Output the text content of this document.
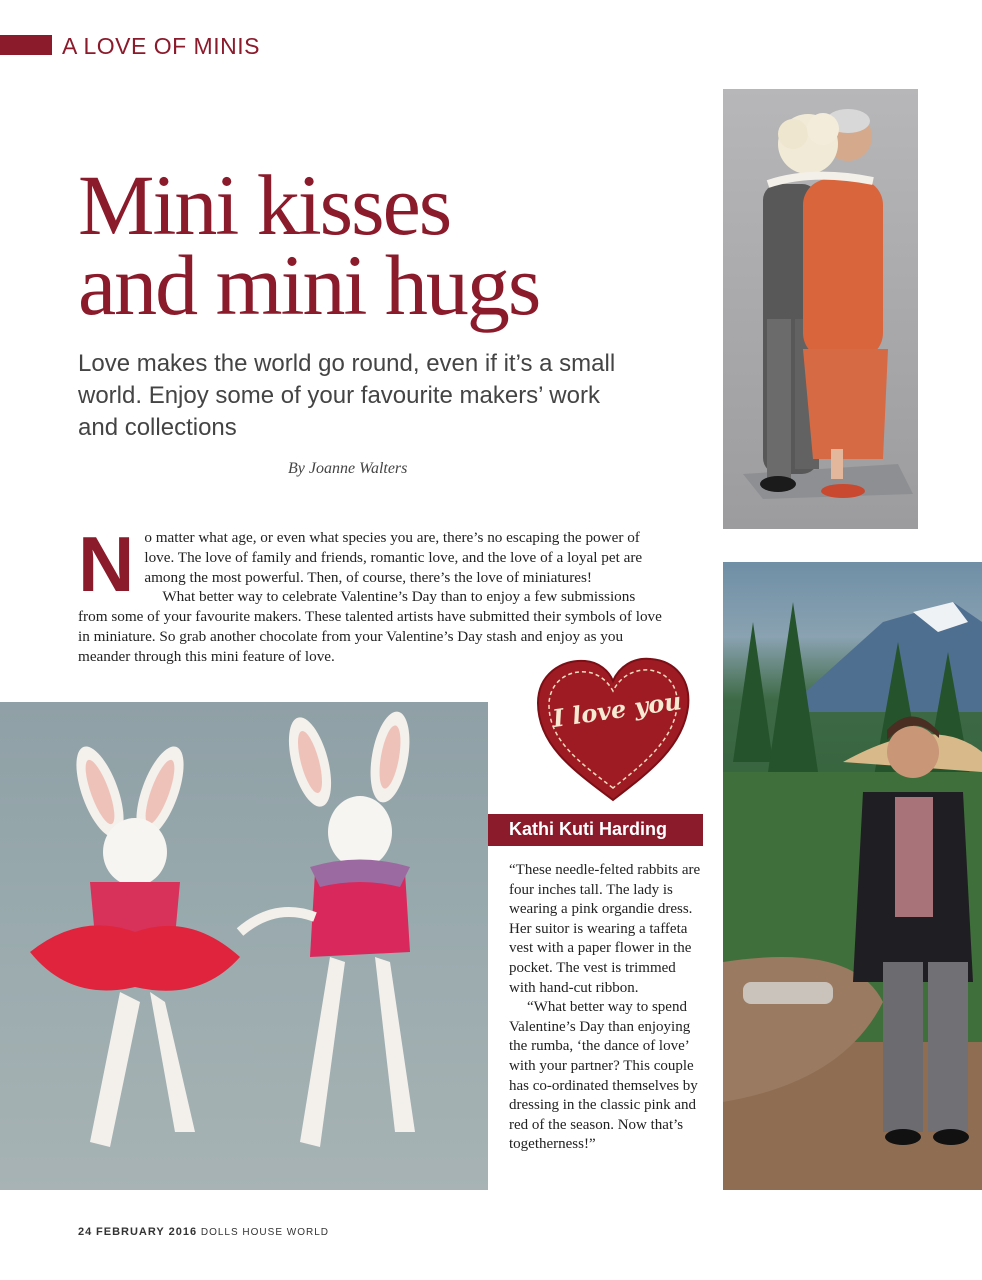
A LOVE OF MINIS
Mini kisses
and mini hugs
Love makes the world go round, even if it’s a small world. Enjoy some of your favourite makers’ work and collections
By Joanne Walters
N o matter what age, or even what species you are, there’s no escaping the power of love. The love of family and friends, romantic love, and the love of a loyal pet are among the most powerful. Then, of course, there’s the love of miniatures!

What better way to celebrate Valentine’s Day than to enjoy a few submissions from some of your favourite makers. These talented artists have submitted their symbols of love in miniature. So grab another chocolate from your Valentine’s Day stash and enjoy as you meander through this mini feature of love.

I love you
Kathi Kuti Harding

“These needle-felted rabbits are four inches tall. The lady is wearing a pink organdie dress. Her suitor is wearing a taffeta vest with a paper flower in the pocket. The vest is trimmed with hand-cut ribbon.

“What better way to spend Valentine’s Day than enjoying the rumba, ‘the dance of love’ with your partner? This couple has co-ordinated themselves by dressing in the classic pink and red of the season. Now that’s togetherness!”

24 FEBRUARY 2016 DOLLS HOUSE WORLD
